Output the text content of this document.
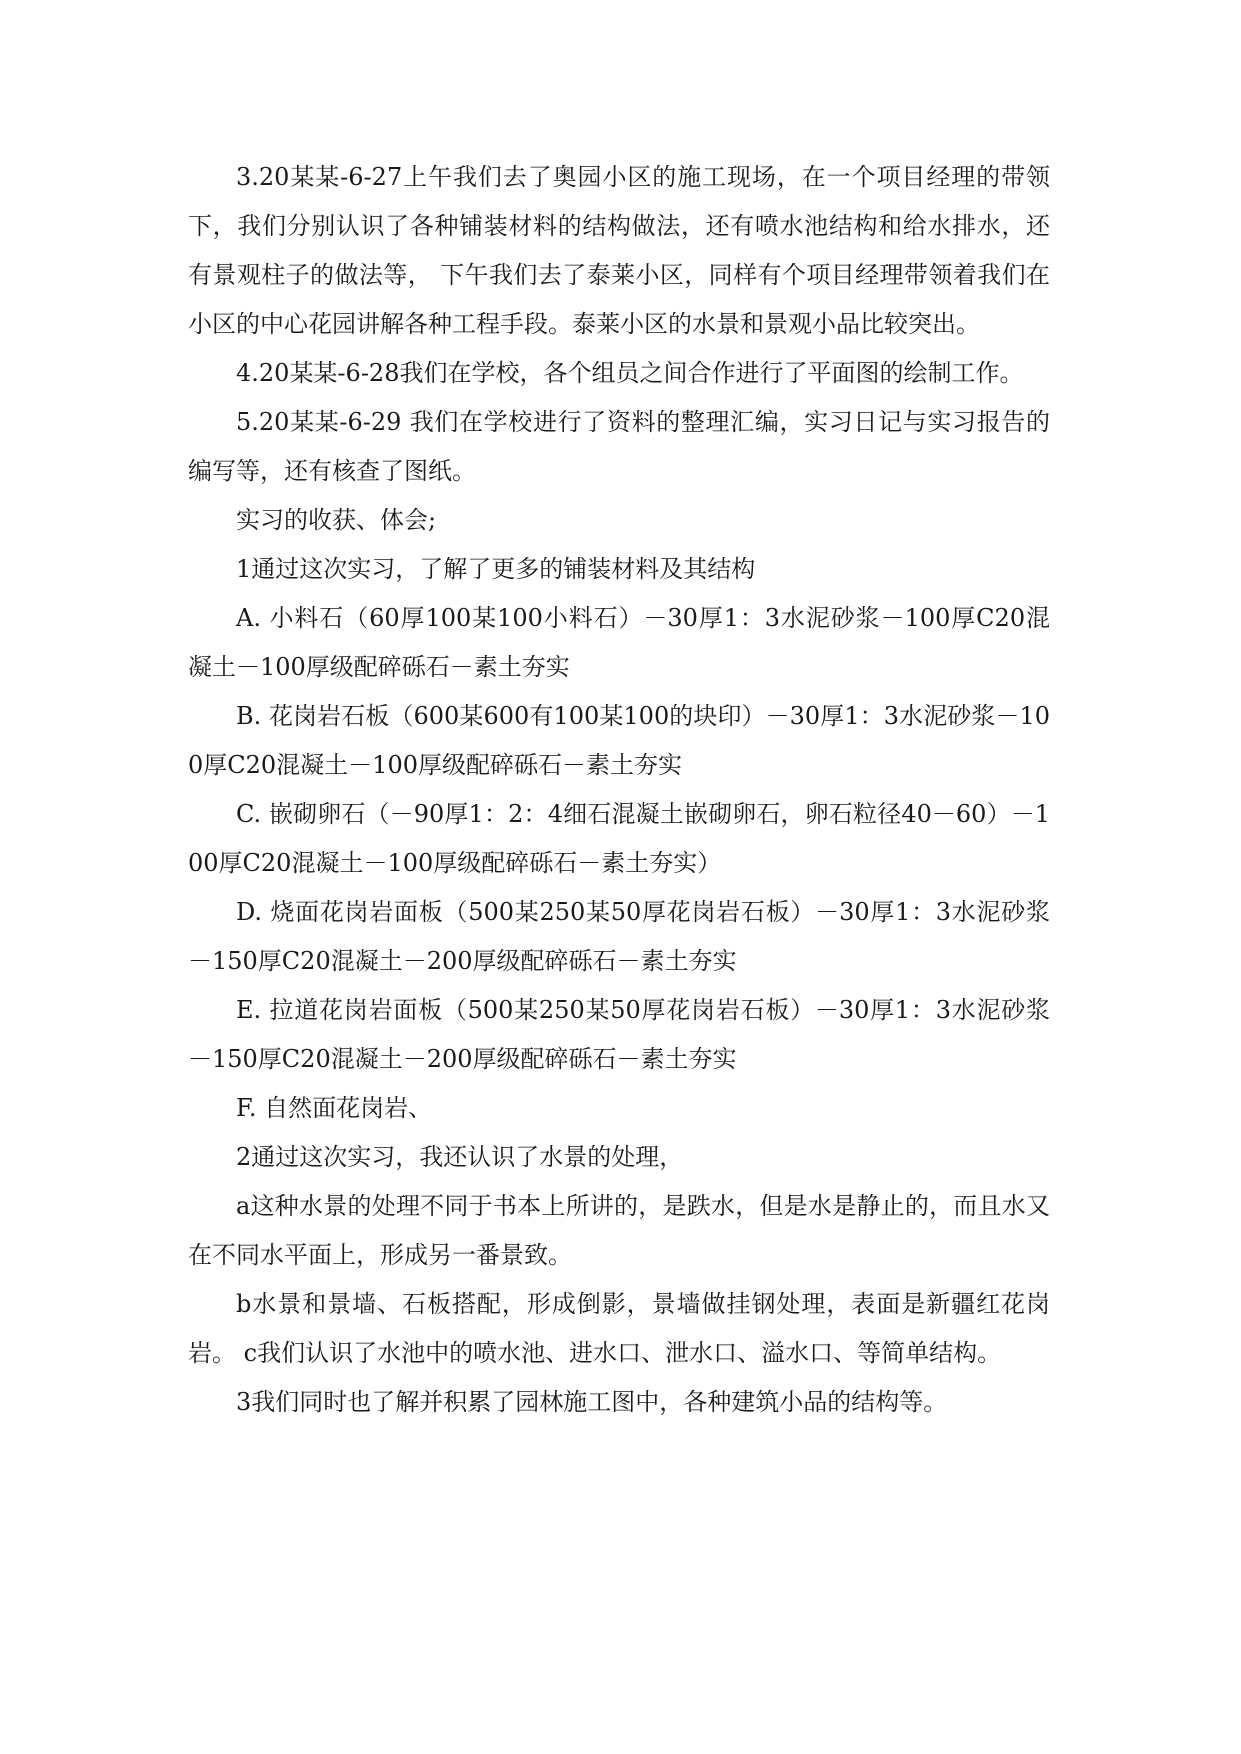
3.20某某-6-27上午我们去了奥园小区的施工现场，在一个项目经理的带领下，我们分别认识了各种铺装材料的结构做法，还有喷水池结构和给水排水，还有景观柱子的做法等， 下午我们去了泰莱小区，同样有个项目经理带领着我们在小区的中心花园讲解各种工程手段。泰莱小区的水景和景观小品比较突出。

4.20某某-6-28我们在学校，各个组员之间合作进行了平面图的绘制工作。

5.20某某-6-29 我们在学校进行了资料的整理汇编，实习日记与实习报告的编写等，还有核查了图纸。

实习的收获、体会;

1通过这次实习，了解了更多的铺装材料及其结构

A. 小料石（60厚100某100小料石）－30厚1：3水泥砂浆－100厚C20混凝土－100厚级配碎砾石－素土夯实

B. 花岗岩石板（600某600有100某100的块印）－30厚1：3水泥砂浆－100厚C20混凝土－100厚级配碎砾石－素土夯实

C. 嵌砌卵石（－90厚1：2：4细石混凝土嵌砌卵石，卵石粒径40－60）－100厚C20混凝土－100厚级配碎砾石－素土夯实）

D. 烧面花岗岩面板（500某250某50厚花岗岩石板）－30厚1：3水泥砂浆－150厚C20混凝土－200厚级配碎砾石－素土夯实

E. 拉道花岗岩面板（500某250某50厚花岗岩石板）－30厚1：3水泥砂浆－150厚C20混凝土－200厚级配碎砾石－素土夯实

F. 自然面花岗岩、

2通过这次实习，我还认识了水景的处理，

a这种水景的处理不同于书本上所讲的，是跌水，但是水是静止的，而且水又在不同水平面上，形成另一番景致。

b水景和景墙、石板搭配，形成倒影，景墙做挂钢处理，表面是新疆红花岗岩。 c我们认识了水池中的喷水池、进水口、泄水口、溢水口、等简单结构。

3我们同时也了解并积累了园林施工图中，各种建筑小品的结构等。
